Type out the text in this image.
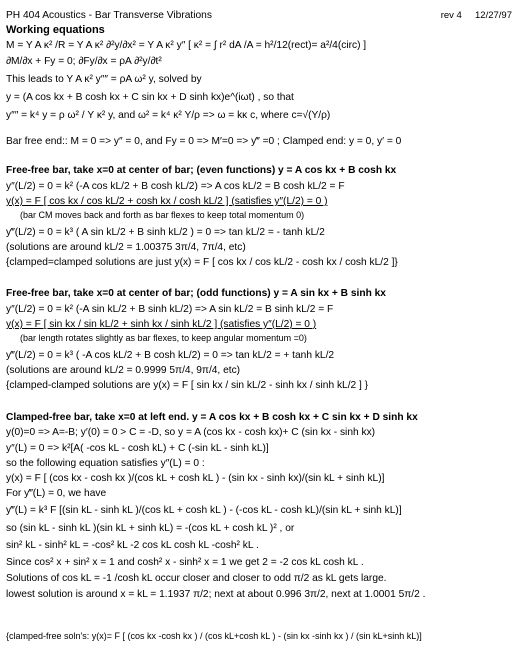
PH 404 Acoustics - Bar Transverse Vibrations	rev 4 12/27/97
Working equations
M = Y A κ² /R = Y A κ² ∂²y/∂x² = Y A κ² y″ [ κ² = ∫ r² dA /A = h²/12(rect)= a²/4(circ) ]
∂M/∂x + Fy = 0; ∂Fy/∂x = ρA ∂²y/∂t²
This leads to Y A κ² y″″ = ρA ω² y, solved by
y = (A cos kx + B cosh kx + C sin kx + D sinh kx)e^(iωt) , so that
y″″ = k⁴ y = ρ ω² / Y κ² y, and ω² = k⁴ κ² Y/ρ => ω = kκ c, where c=√(Y/ρ)
Bar free end:: M = 0 => y″ = 0, and Fy = 0 => M′=0 => y‴ =0 ; Clamped end: y = 0, y′ = 0
Free-free bar, take x=0 at center of bar; (even functions) y = A cos kx + B cosh kx
y″(L/2) = 0 = k² (-A cos kL/2 + B cosh kL/2) => A cos kL/2 = B cosh kL/2 = F
y(x) = F [ cos kx / cos kL/2 + cosh kx / cosh kL/2 ] (satisfies y″(L/2) = 0 )
(bar CM moves back and forth as bar flexes to keep total momentum 0)
y‴(L/2) = 0 = k³ ( A sin kL/2 + B sinh kL/2 ) = 0 => tan kL/2 = - tanh kL/2
(solutions are around kL/2 = 1.00375 3π/4, 7π/4, etc)
{clamped=clamped solutions are just y(x) = F [ cos kx / cos kL/2 - cosh kx / cosh kL/2 ]}
Free-free bar, take x=0 at center of bar; (odd functions) y = A sin kx + B sinh kx
y″(L/2) = 0 = k² (-A sin kL/2 + B sinh kL/2) => A sin kL/2 = B sinh kL/2 = F
y(x) = F [ sin kx / sin kL/2 + sinh kx / sinh kL/2 ] (satisfies y″(L/2) = 0 )
(bar length rotates slightly as bar flexes, to keep angular momentum =0)
y‴(L/2) = 0 = k³ ( -A cos kL/2 + B cosh kL/2) = 0 => tan kL/2 = + tanh kL/2
(solutions are around kL/2 = 0.9999 5π/4, 9π/4, etc)
{clamped-clamped solutions are y(x) = F [ sin kx / sin kL/2 - sinh kx / sinh kL/2 ] }
Clamped-free bar, take x=0 at left end. y = A cos kx + B cosh kx + C sin kx + D sinh kx
y(0)=0 => A=-B; y′(0) = 0 > C = -D, so y = A (cos kx - cosh kx)+ C (sin kx - sinh kx)
y″(L) = 0 => k²[A( -cos kL - cosh kL) + C (-sin kL - sinh kL)]
so the following equation satisfies y″(L) = 0 :
y(x) = F [ (cos kx - cosh kx )/(cos kL + cosh kL ) - (sin kx - sinh kx)/(sin kL + sinh kL)]
For y‴(L) = 0, we have
y‴(L) = k³ F [(sin kL - sinh kL )/(cos kL + cosh kL ) - (-cos kL - cosh kL)/(sin kL + sinh kL)]
so (sin kL - sinh kL )(sin kL + sinh kL) = -(cos kL + cosh kL )² , or
sin² kL - sinh² kL = -cos² kL -2 cos kL cosh kL -cosh² kL .
Since cos² x + sin² x = 1 and cosh² x - sinh² x = 1 we get 2 = -2 cos kL cosh kL .
Solutions of cos kL = -1 /cosh kL occur closer and closer to odd π/2 as kL gets large.
lowest solution is around x = kL = 1.1937 π/2; next at about 0.996 3π/2, next at 1.0001 5π/2 .
{clamped-free soln's: y(x)= F [ (cos kx -cosh kx ) / (cos kL+cosh kL ) - (sin kx -sinh kx ) / (sin kL+sinh kL)]
